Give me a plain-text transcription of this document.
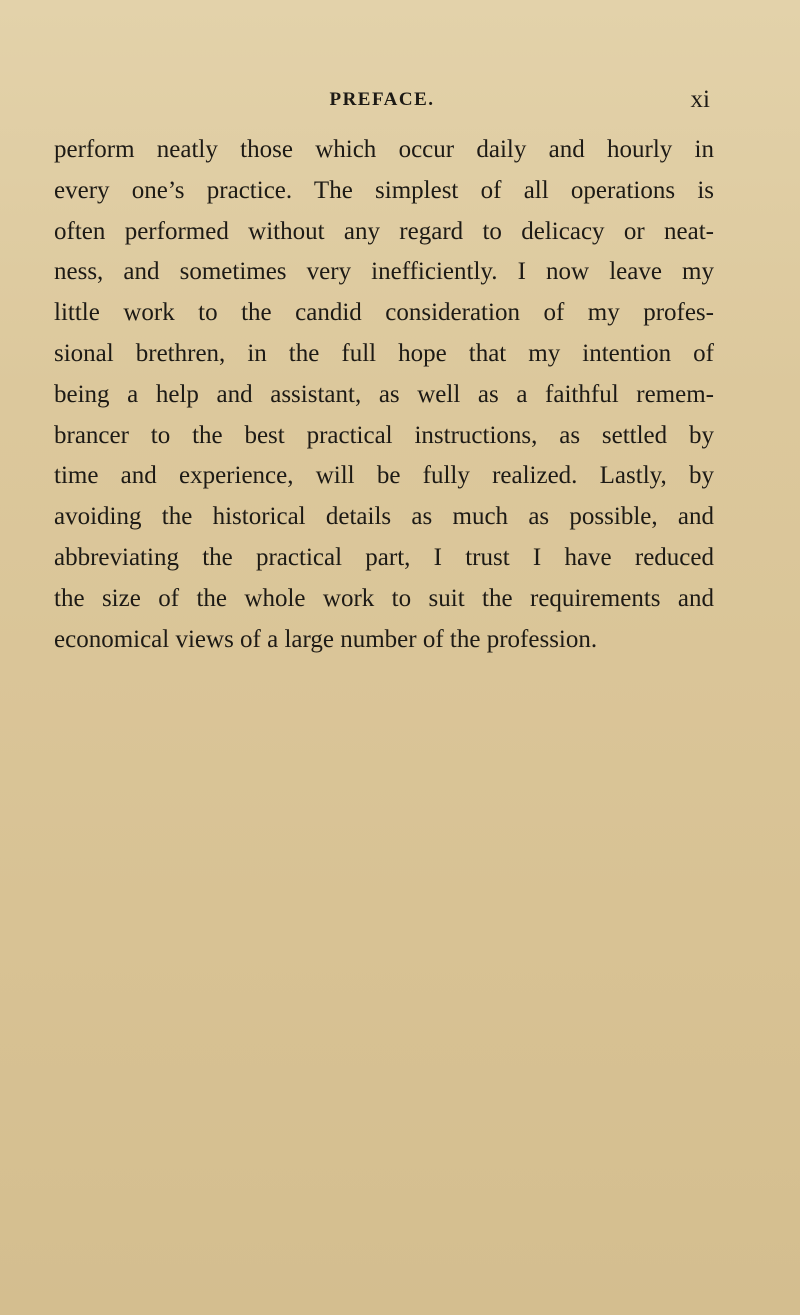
PREFACE.	xi
perform neatly those which occur daily and hourly in
every one’s practice. The simplest of all operations is
often performed without any regard to delicacy or neat-
ness, and sometimes very inefficiently. I now leave my
little work to the candid consideration of my profes-
sional brethren, in the full hope that my intention of
being a help and assistant, as well as a faithful remem-
brancer to the best practical instructions, as settled by
time and experience, will be fully realized. Lastly, by
avoiding the historical details as much as possible, and
abbreviating the practical part, I trust I have reduced
the size of the whole work to suit the requirements and
economical views of a large number of the profession.
